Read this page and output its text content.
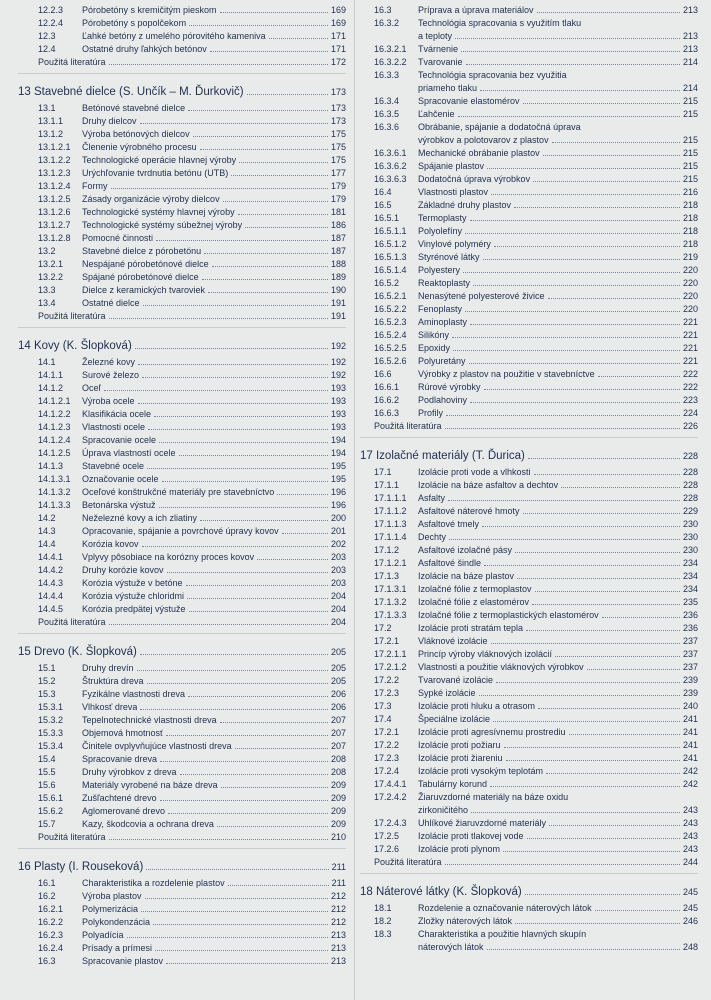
12.2.3	Pórobetóny s kremičitým pieskom	169
12.2.4	Pórobetóny s popolčekom	169
12.3	Ľahké betóny z umelého pórovitého kameniva	171
12.4	Ostatné druhy ľahkých betónov	171
Použitá literatúra	172
13 Stavebné dielce (S. Unčík – M. Ďurkovič)	173
13.1	Betónové stavebné dielce	173
13.1.1	Druhy dielcov	173
13.1.2	Výroba betónových dielcov	175
13.1.2.1	Členenie výrobného procesu	175
13.1.2.2	Technologické operácie hlavnej výroby	175
13.1.2.3	Urýchľovanie tvrdnutia betónu (UTB)	177
13.1.2.4	Formy	179
13.1.2.5	Zásady organizácie výroby dielcov	179
13.1.2.6	Technologické systémy hlavnej výroby	181
13.1.2.7	Technologické systémy súbežnej výroby	186
13.1.2.8	Pomocné činnosti	187
13.2	Stavebné dielce z pórobetónu	187
13.2.1	Nespájané pórobetónové dielce	188
13.2.2	Spájané pórobetónové dielce	189
13.3	Dielce z keramických tvaroviek	190
13.4	Ostatné dielce	191
Použitá literatúra	191
14 Kovy (K. Šlopková)	192
14.1	Železné kovy	192
14.1.1	Surové železo	192
14.1.2	Oceľ	193
14.1.2.1	Výroba ocele	193
14.1.2.2	Klasifikácia ocele	193
14.1.2.3	Vlastnosti ocele	193
14.1.2.4	Spracovanie ocele	194
14.1.2.5	Úprava vlastností ocele	194
14.1.3	Stavebné ocele	195
14.1.3.1	Označovanie ocele	195
14.1.3.2	Oceľové konštrukčné materiály pre stavebníctvo	196
14.1.3.3	Betonárska výstuž	196
14.2	Neželezné kovy a ich zliatiny	200
14.3	Opracovanie, spájanie a povrchové úpravy kovov	201
14.4	Korózia kovov	202
14.4.1	Vplyvy pôsobiace na korózny proces kovov	203
14.4.2	Druhy korózie kovov	203
14.4.3	Korózia výstuže v betóne	203
14.4.4	Korózia výstuže chloridmi	204
14.4.5	Korózia predpätej výstuže	204
Použitá literatúra	204
15 Drevo (K. Šlopková)	205
15.1	Druhy drevín	205
15.2	Štruktúra dreva	205
15.3	Fyzikálne vlastnosti dreva	206
15.3.1	Vlhkosť dreva	206
15.3.2	Tepelnotechnické vlastnosti dreva	207
15.3.3	Objemová hmotnosť	207
15.3.4	Činitele ovplyvňujúce vlastnosti dreva	207
15.4	Spracovanie dreva	208
15.5	Druhy výrobkov z dreva	208
15.6	Materiály vyrobené na báze dreva	209
15.6.1	Zušľachtené drevo	209
15.6.2	Aglomerované drevo	209
15.7	Kazy, škodcovia a ochrana dreva	209
Použitá literatúra	210
16 Plasty (I. Rouseková)	211
16.1	Charakteristika a rozdelenie plastov	211
16.2	Výroba plastov	212
16.2.1	Polymerizácia	212
16.2.2	Polykondenzácia	212
16.2.3	Polyadícia	213
16.2.4	Prísady a prímesi	213
16.3	Spracovanie plastov	213
16.3	Príprava a úprava materiálov	213
16.3.2	Technológia spracovania s využitím tlaku
a teploty	213
16.3.2.1	Tvárnenie	213
16.3.2.2	Tvarovanie	214
16.3.3	Technológia spracovania bez využitia
priameho tlaku	214
16.3.4	Spracovanie elastomérov	215
16.3.5	Ľahčenie	215
16.3.6	Obrábanie, spájanie a dodatočná úprava
výrobkov a polotovarov z plastov	215
16.3.6.1	Mechanické obrábanie plastov	215
16.3.6.2	Spájanie plastov	215
16.3.6.3	Dodatočná úprava výrobkov	215
16.4	Vlastnosti plastov	216
16.5	Základné druhy plastov	218
16.5.1	Termoplasty	218
16.5.1.1	Polyolefíny	218
16.5.1.2	Vinylové polyméry	218
16.5.1.3	Styrénové látky	219
16.5.1.4	Polyestery	220
16.5.2	Reaktoplasty	220
16.5.2.1	Nenasýtené polyesterové živice	220
16.5.2.2	Fenoplasty	220
16.5.2.3	Aminoplasty	221
16.5.2.4	Silikóny	221
16.5.2.5	Epoxidy	221
16.5.2.6	Polyuretány	221
16.6	Výrobky z plastov na použitie v stavebníctve	222
16.6.1	Rúrové výrobky	222
16.6.2	Podlahoviny	223
16.6.3	Profily	224
Použitá literatúra	226
17 Izolačné materiály (T. Ďurica)	228
17.1	Izolácie proti vode a vlhkosti	228
17.1.1	Izolácie na báze asfaltov a dechtov	228
17.1.1.1	Asfalty	228
17.1.1.2	Asfaltové náterové hmoty	229
17.1.1.3	Asfaltové tmely	230
17.1.1.4	Dechty	230
17.1.2	Asfaltové izolačné pásy	230
17.1.2.1	Asfaltové šindle	234
17.1.3	Izolácie na báze plastov	234
17.1.3.1	Izolačné fólie z termoplastov	234
17.1.3.2	Izolačné fólie z elastomérov	235
17.1.3.3	Izolačné fólie z termoplastických elastomérov	236
17.2	Izolácie proti stratám tepla	236
17.2.1	Vláknové izolácie	237
17.2.1.1	Princíp výroby vláknových izolácií	237
17.2.1.2	Vlastnosti a použitie vláknových výrobkov	237
17.2.2	Tvarované izolácie	239
17.2.3	Sypké izolácie	239
17.3	Izolácie proti hluku a otrasom	240
17.4	Špeciálne izolácie	241
17.2.1	Izolácie proti agresívnemu prostrediu	241
17.2.2	Izolácie proti požiaru	241
17.2.3	Izolácie proti žiareniu	241
17.2.4	Izolácie proti vysokým teplotám	242
17.4.4.1	Tabulárny korund	242
17.2.4.2	Žiaruvzdorné materiály na báze oxidu
zirkoničitého	243
17.2.4.3	Uhlíkové žiaruvzdorné materiály	243
17.2.5	Izolácie proti tlakovej vode	243
17.2.6	Izolácie proti plynom	243
Použitá literatúra	244
18 Náterové látky (K. Šlopková)	245
18.1	Rozdelenie a označovanie náterových látok	245
18.2	Zložky náterových látok	246
18.3	Charakteristika a použitie hlavných skupín
náterových látok	248
